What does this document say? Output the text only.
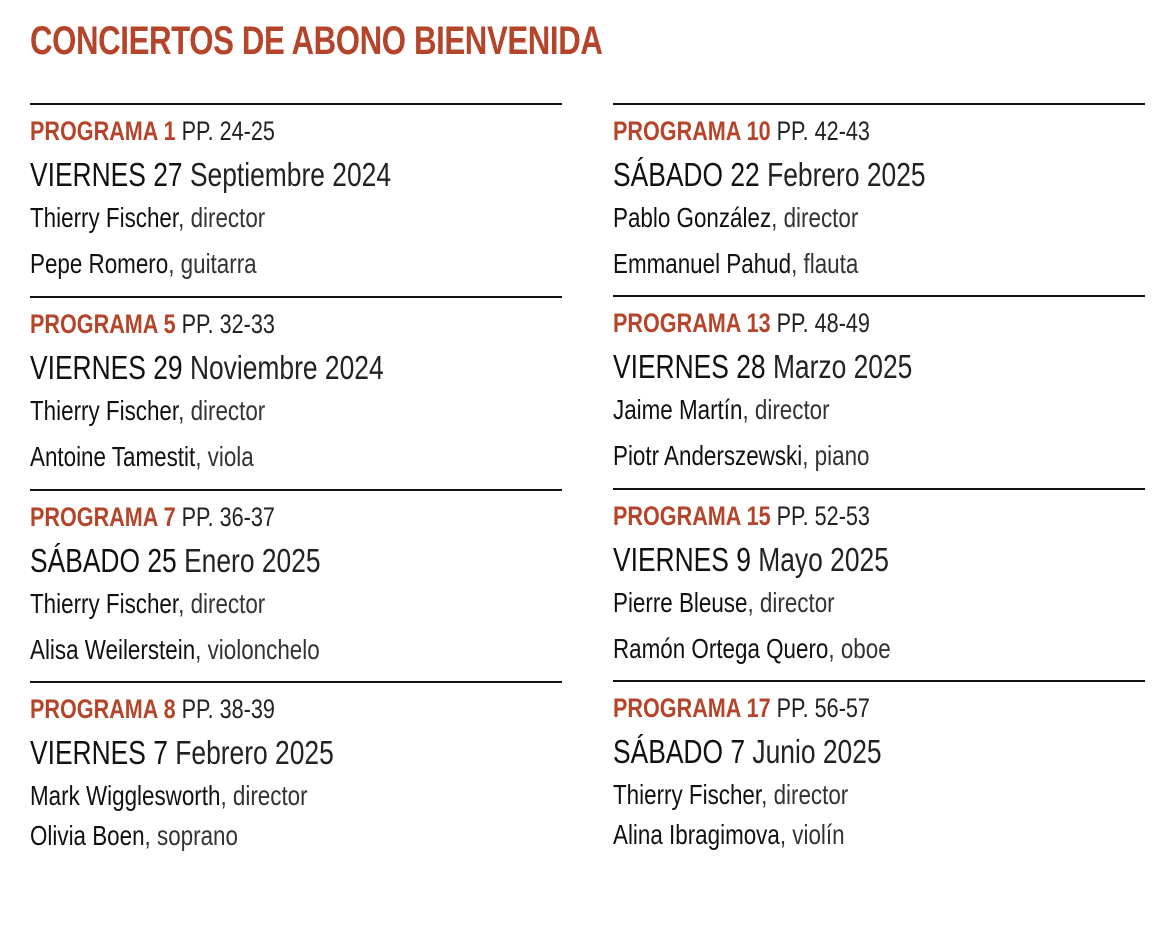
CONCIERTOS DE ABONO BIENVENIDA
PROGRAMA 1 PP. 24-25
VIERNES 27 Septiembre 2024
Thierry Fischer, director
Pepe Romero, guitarra
PROGRAMA 5 PP. 32-33
VIERNES 29 Noviembre 2024
Thierry Fischer, director
Antoine Tamestit, viola
PROGRAMA 7 PP. 36-37
SÁBADO 25 Enero 2025
Thierry Fischer, director
Alisa Weilerstein, violonchelo
PROGRAMA 8 PP. 38-39
VIERNES 7 Febrero 2025
Mark Wigglesworth, director
Olivia Boen, soprano
PROGRAMA 10 PP. 42-43
SÁBADO 22 Febrero 2025
Pablo González, director
Emmanuel Pahud, flauta
PROGRAMA 13 PP. 48-49
VIERNES 28 Marzo 2025
Jaime Martín, director
Piotr Anderszewski, piano
PROGRAMA 15 PP. 52-53
VIERNES 9 Mayo 2025
Pierre Bleuse, director
Ramón Ortega Quero, oboe
PROGRAMA 17 PP. 56-57
SÁBADO 7 Junio 2025
Thierry Fischer, director
Alina Ibragimova, violín
